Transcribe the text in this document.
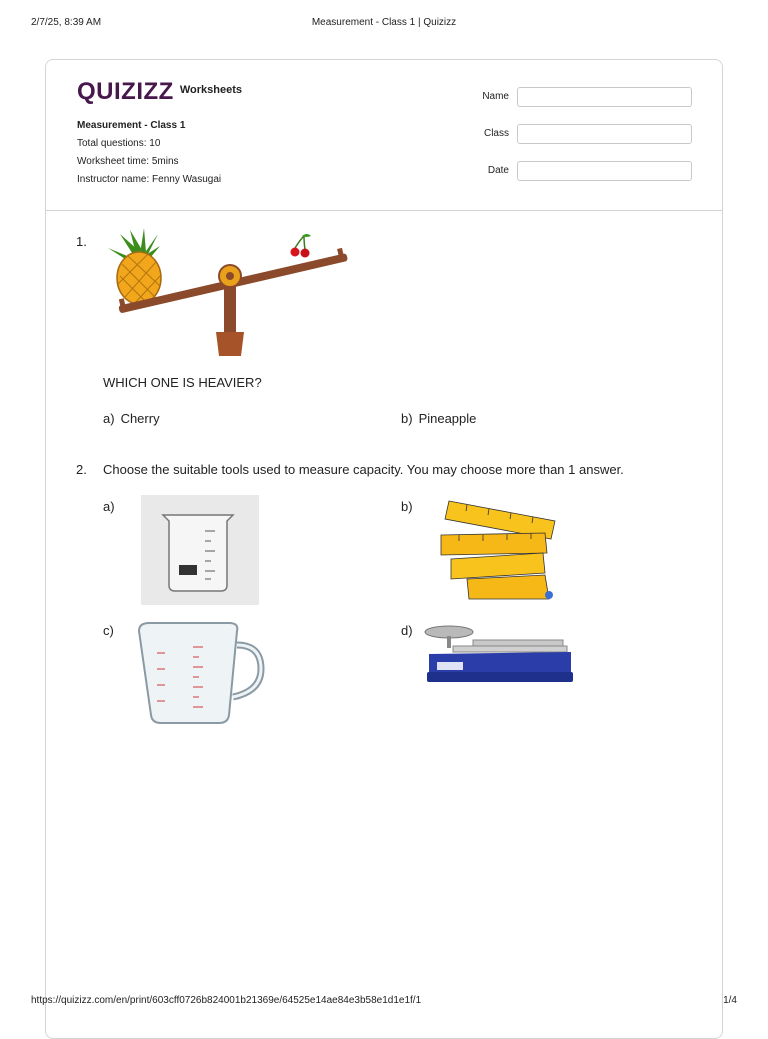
2/7/25, 8:39 AM	Measurement - Class 1 | Quizizz
QUIZIZZ Worksheets
Measurement - Class 1
Total questions: 10
Worksheet time: 5mins
Instructor name: Fenny Wasugai
Name
Class
Date
1.
WHICH ONE IS HEAVIER?
a) Cherry	b) Pineapple
2. Choose the suitable tools used to measure capacity. You may choose more than 1 answer.
a)	b)
c)	d)
https://quizizz.com/en/print/603cff0726b824001b21369e/64525e14ae84e3b58e1d1e1f/1	1/4
